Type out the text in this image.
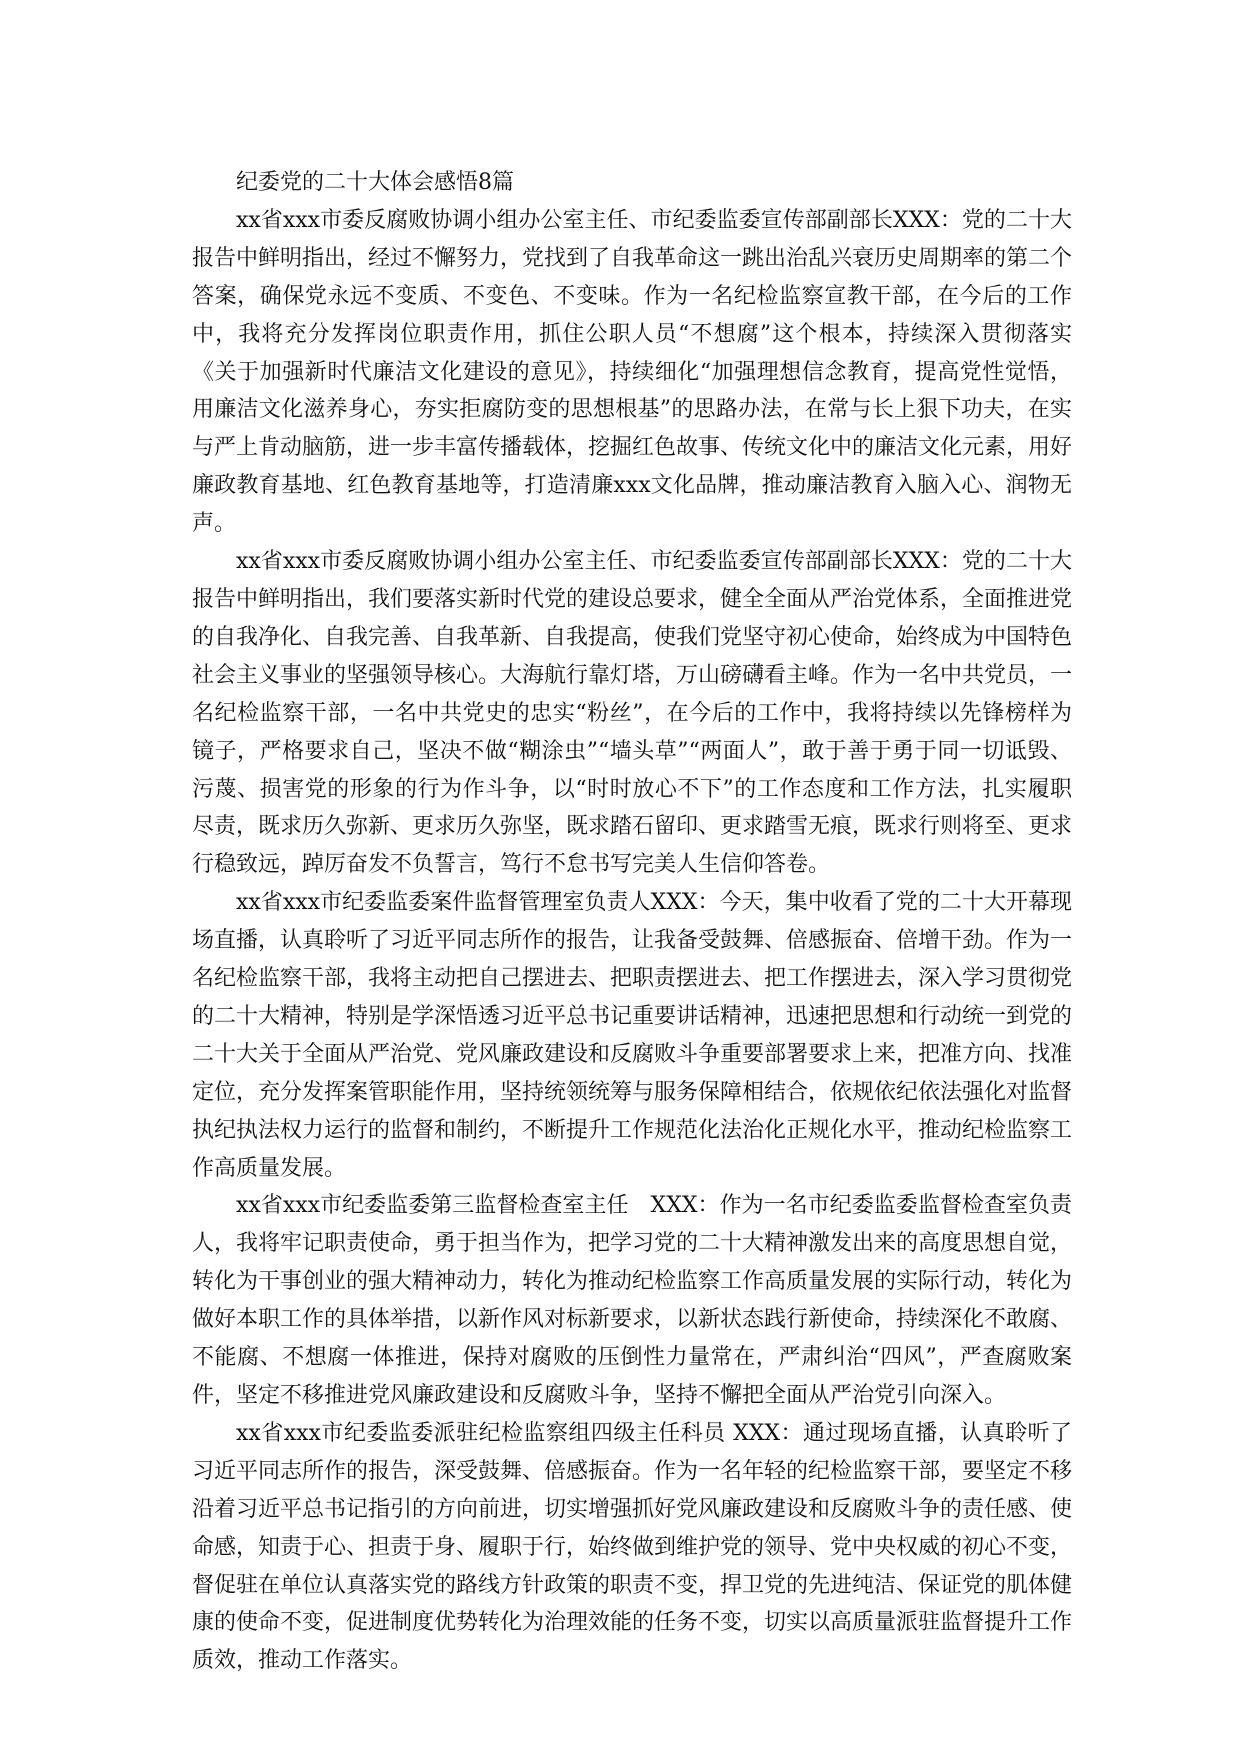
纪委党的二十大体会感悟8篇

xx省xxx市委反腐败协调小组办公室主任、市纪委监委宣传部副部长XXX：党的二十大报告中鲜明指出，经过不懈努力，党找到了自我革命这一跳出治乱兴衰历史周期率的第二个答案，确保党永远不变质、不变色、不变味。作为一名纪检监察宣教干部，在今后的工作中，我将充分发挥岗位职责作用，抓住公职人员“不想腐”这个根本，持续深入贯彻落实《关于加强新时代廉洁文化建设的意见》，持续细化“加强理想信念教育，提高党性觉悟，用廉洁文化滋养身心，夯实拒腐防变的思想根基”的思路办法，在常与长上狠下功夫，在实与严上肯动脑筋，进一步丰富传播载体，挖掘红色故事、传统文化中的廉洁文化元素，用好廉政教育基地、红色教育基地等，打造清廉xxx文化品牌，推动廉洁教育入脑入心、润物无声。

xx省xxx市委反腐败协调小组办公室主任、市纪委监委宣传部副部长XXX：党的二十大报告中鲜明指出，我们要落实新时代党的建设总要求，健全全面从严治党体系，全面推进党的自我净化、自我完善、自我革新、自我提高，使我们党坚守初心使命，始终成为中国特色社会主义事业的坚强领导核心。大海航行靠灯塔，万山磅礴看主峰。作为一名中共党员，一名纪检监察干部，一名中共党史的忠实“粉丝”，在今后的工作中，我将持续以先锋榜样为镜子，严格要求自己，坚决不做“糊涂虫”“墙头草”“两面人”，敢于善于勇于同一切诋毁、污蔑、损害党的形象的行为作斗争，以“时时放心不下”的工作态度和工作方法，扎实履职尽责，既求历久弥新、更求历久弥坚，既求踏石留印、更求踏雪无痕，既求行则将至、更求行稳致远，踔厉奋发不负誓言，笃行不怠书写完美人生信仰答卷。

xx省xxx市纪委监委案件监督管理室负责人XXX：今天，集中收看了党的二十大开幕现场直播，认真聆听了习近平同志所作的报告，让我备受鼓舞、倍感振奋、倍增干劲。作为一名纪检监察干部，我将主动把自己摆进去、把职责摆进去、把工作摆进去，深入学习贯彻党的二十大精神，特别是学深悟透习近平总书记重要讲话精神，迅速把思想和行动统一到党的二十大关于全面从严治党、党风廉政建设和反腐败斗争重要部署要求上来，把准方向、找准定位，充分发挥案管职能作用，坚持统领统筹与服务保障相结合，依规依纪依法强化对监督执纪执法权力运行的监督和制约，不断提升工作规范化法治化正规化水平，推动纪检监察工作高质量发展。

xx省xxx市纪委监委第三监督检查室主任　XXX：作为一名市纪委监委监督检查室负责人，我将牢记职责使命，勇于担当作为，把学习党的二十大精神激发出来的高度思想自觉，转化为干事创业的强大精神动力，转化为推动纪检监察工作高质量发展的实际行动，转化为做好本职工作的具体举措，以新作风对标新要求，以新状态践行新使命，持续深化不敢腐、不能腐、不想腐一体推进，保持对腐败的压倒性力量常在，严肃纠治“四风”，严查腐败案件，坚定不移推进党风廉政建设和反腐败斗争，坚持不懈把全面从严治党引向深入。

xx省xxx市纪委监委派驻纪检监察组四级主任科员 XXX：通过现场直播，认真聆听了习近平同志所作的报告，深受鼓舞、倍感振奋。作为一名年轻的纪检监察干部，要坚定不移沿着习近平总书记指引的方向前进，切实增强抓好党风廉政建设和反腐败斗争的责任感、使命感，知责于心、担责于身、履职于行，始终做到维护党的领导、党中央权威的初心不变，督促驻在单位认真落实党的路线方针政策的职责不变，捍卫党的先进纯洁、保证党的肌体健康的使命不变，促进制度优势转化为治理效能的任务不变，切实以高质量派驻监督提升工作质效，推动工作落实。
